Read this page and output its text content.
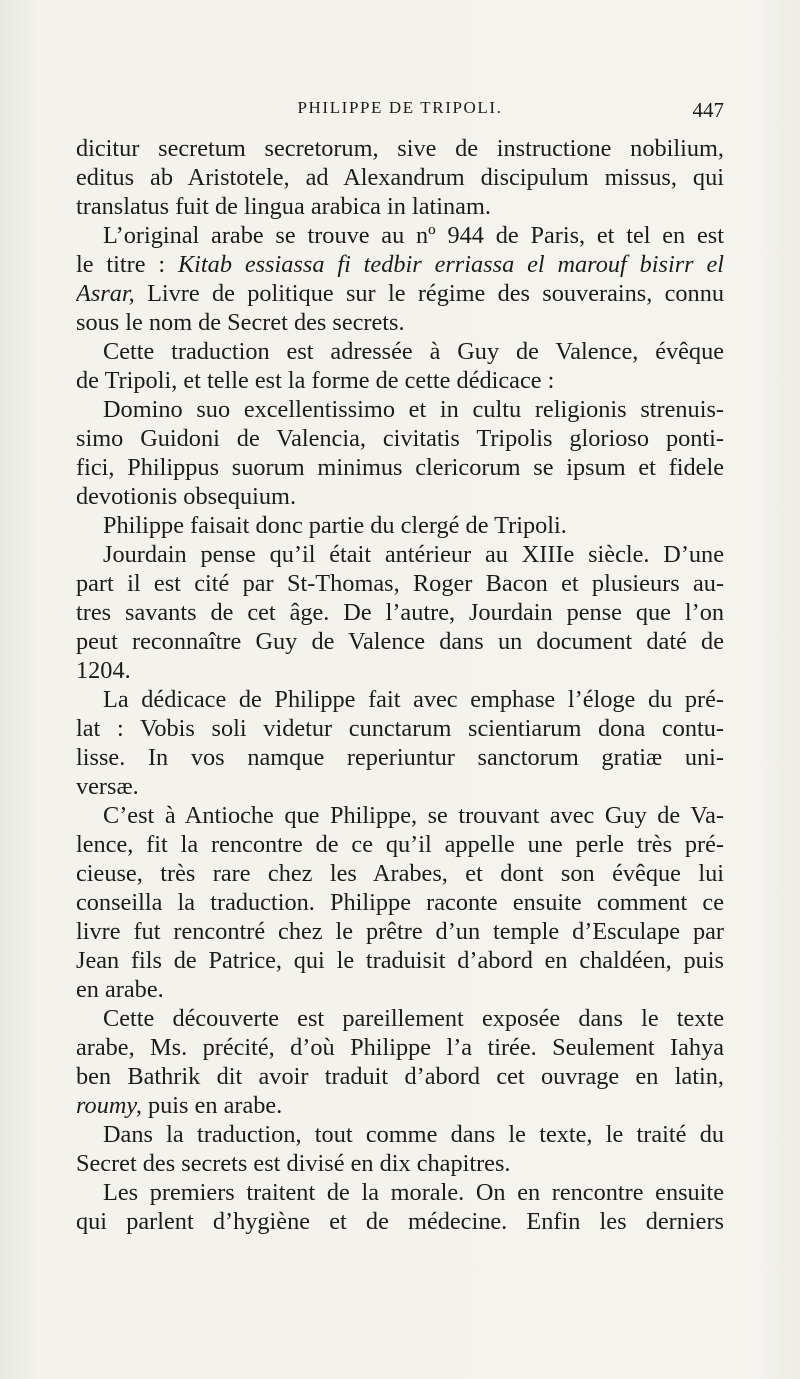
PHILIPPE DE TRIPOLI.	447
dicitur secretum secretorum, sive de instructione nobilium,
editus ab Aristotele, ad Alexandrum discipulum missus, qui
translatus fuit de lingua arabica in latinam.
L’original arabe se trouve au nº 944 de Paris, et tel en est
le titre : Kitab essiassa fi tedbir erriassa el marouf bisirr el
Asrar, Livre de politique sur le régime des souverains, connu
sous le nom de Secret des secrets.
Cette traduction est adressée à Guy de Valence, évêque
de Tripoli, et telle est la forme de cette dédicace :
Domino suo excellentissimo et in cultu religionis strenuis-
simo Guidoni de Valencia, civitatis Tripolis glorioso ponti-
fici, Philippus suorum minimus clericorum se ipsum et fidele
devotionis obsequium.
Philippe faisait donc partie du clergé de Tripoli.
Jourdain pense qu’il était antérieur au XIIIe siècle. D’une
part il est cité par St-Thomas, Roger Bacon et plusieurs au-
tres savants de cet âge. De l’autre, Jourdain pense que l’on
peut reconnaître Guy de Valence dans un document daté de
1204.
La dédicace de Philippe fait avec emphase l’éloge du pré-
lat : Vobis soli videtur cunctarum scientiarum dona contu-
lisse. In vos namque reperiuntur sanctorum gratiæ uni-
versæ.
C’est à Antioche que Philippe, se trouvant avec Guy de Va-
lence, fit la rencontre de ce qu’il appelle une perle très pré-
cieuse, très rare chez les Arabes, et dont son évêque lui
conseilla la traduction. Philippe raconte ensuite comment ce
livre fut rencontré chez le prêtre d’un temple d’Esculape par
Jean fils de Patrice, qui le traduisit d’abord en chaldéen, puis
en arabe.
Cette découverte est pareillement exposée dans le texte
arabe, Ms. précité, d’où Philippe l’a tirée. Seulement Iahya
ben Bathrik dit avoir traduit d’abord cet ouvrage en latin,
roumy, puis en arabe.
Dans la traduction, tout comme dans le texte, le traité du
Secret des secrets est divisé en dix chapitres.
Les premiers traitent de la morale. On en rencontre ensuite
qui parlent d’hygiène et de médecine. Enfin les derniers
